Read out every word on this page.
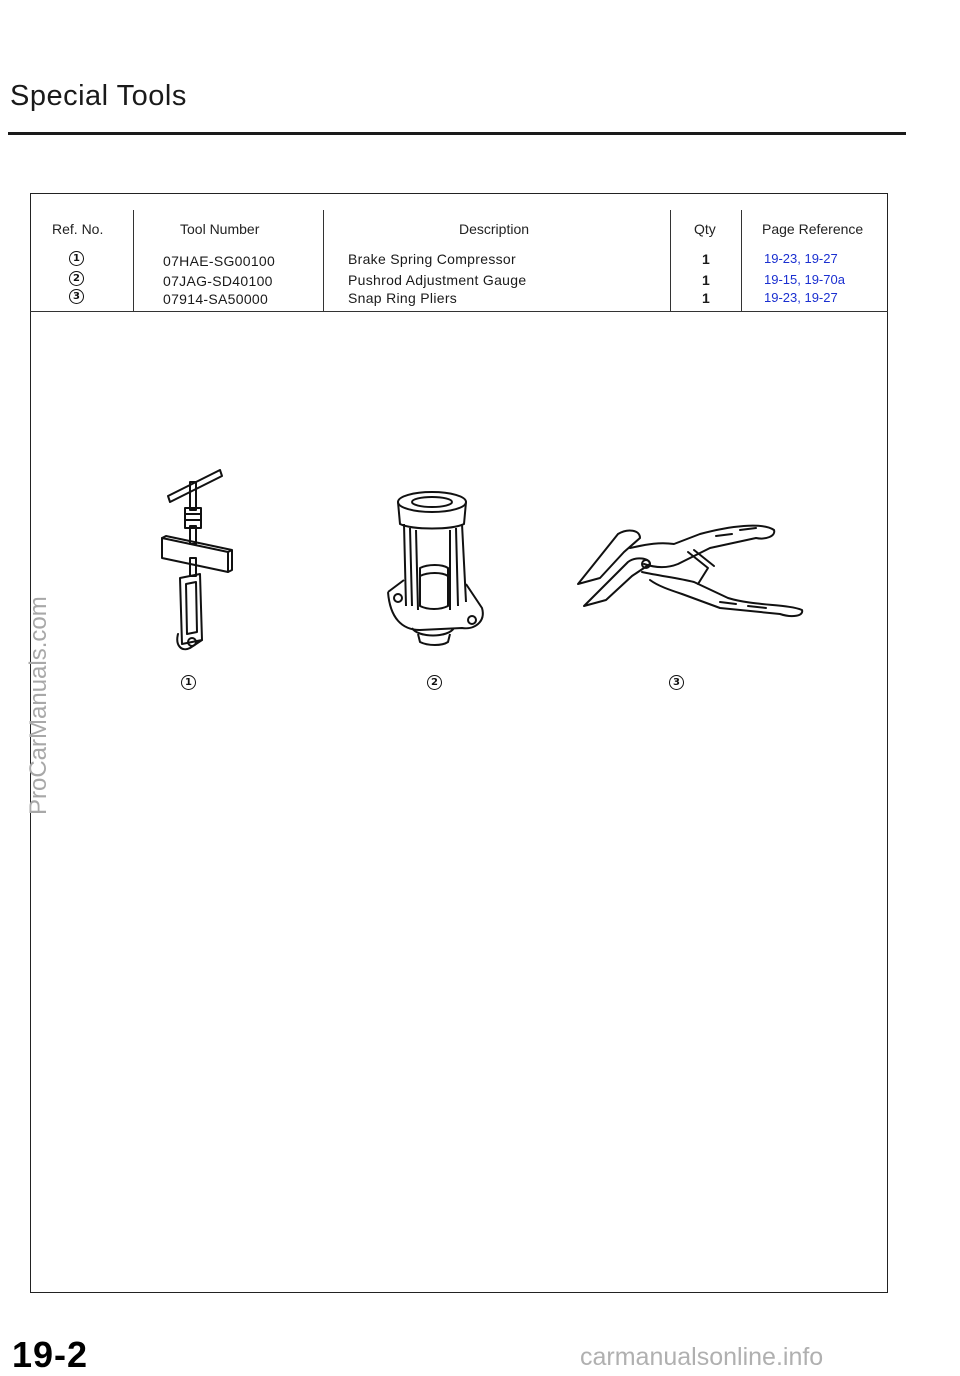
Special Tools
Ref. No.	Tool Number	Description	Qty	Page Reference
1	07HAE-SG00100	Brake Spring Compressor	1	19-23, 19-27
2	07JAG-SD40100	Pushrod Adjustment Gauge	1	19-15, 19-70a
3	07914-SA50000	Snap Ring Pliers	1	19-23, 19-27
1	2	3
ProCarManuals.com
19-2	carmanualsonline.info
